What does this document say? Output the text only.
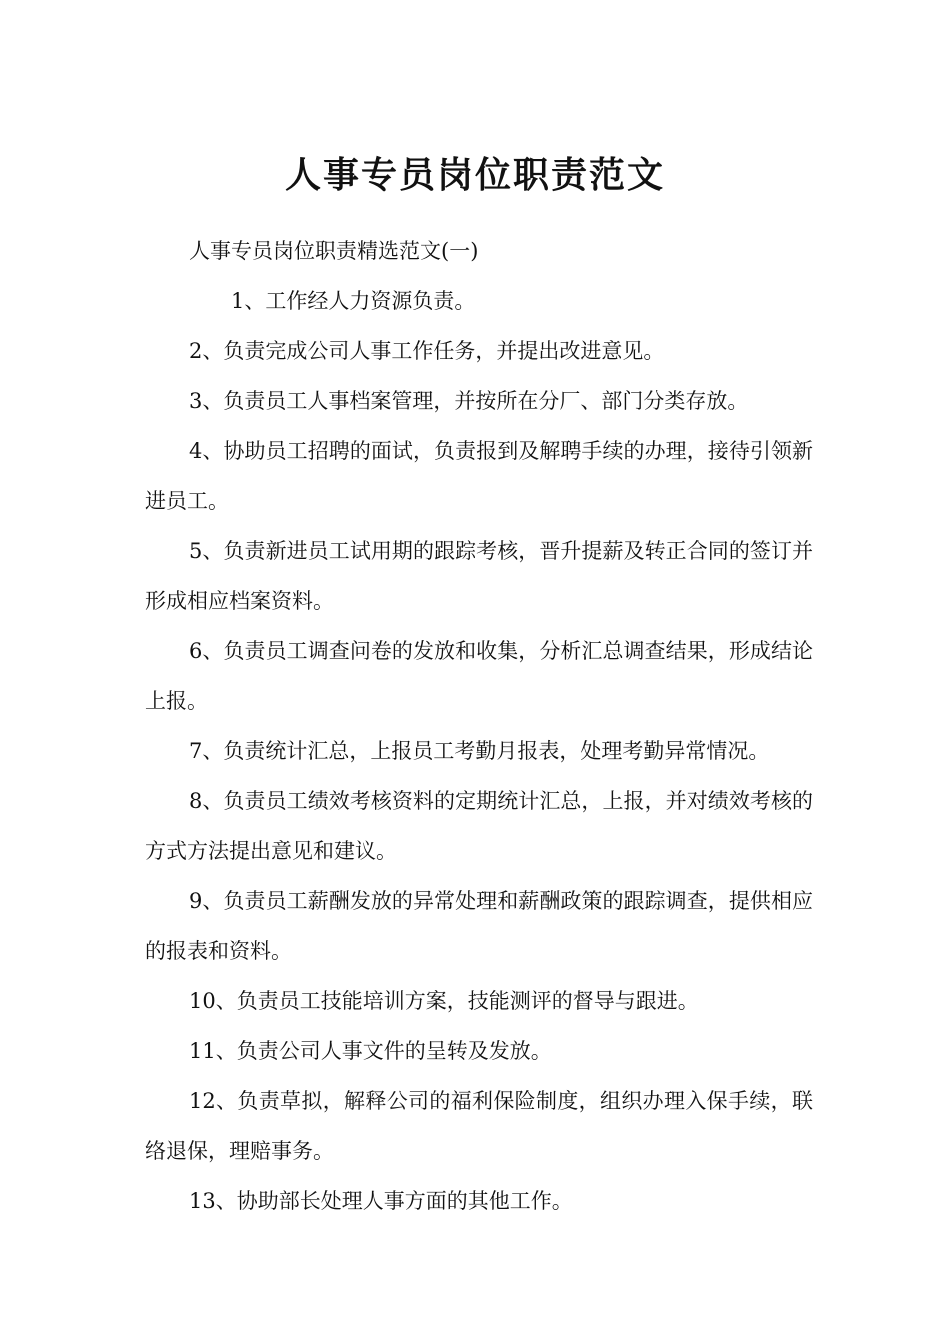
人事专员岗位职责范文

人事专员岗位职责精选范文(一)

1、工作经人力资源负责。

2、负责完成公司人事工作任务，并提出改进意见。

3、负责员工人事档案管理，并按所在分厂、部门分类存放。

4、协助员工招聘的面试，负责报到及解聘手续的办理，接待引领新进员工。

5、负责新进员工试用期的跟踪考核，晋升提薪及转正合同的签订并形成相应档案资料。

6、负责员工调查问卷的发放和收集，分析汇总调查结果，形成结论上报。

7、负责统计汇总，上报员工考勤月报表，处理考勤异常情况。

8、负责员工绩效考核资料的定期统计汇总，上报，并对绩效考核的方式方法提出意见和建议。

9、负责员工薪酬发放的异常处理和薪酬政策的跟踪调查，提供相应的报表和资料。

10、负责员工技能培训方案，技能测评的督导与跟进。

11、负责公司人事文件的呈转及发放。

12、负责草拟，解释公司的福利保险制度，组织办理入保手续，联络退保，理赔事务。

13、协助部长处理人事方面的其他工作。
